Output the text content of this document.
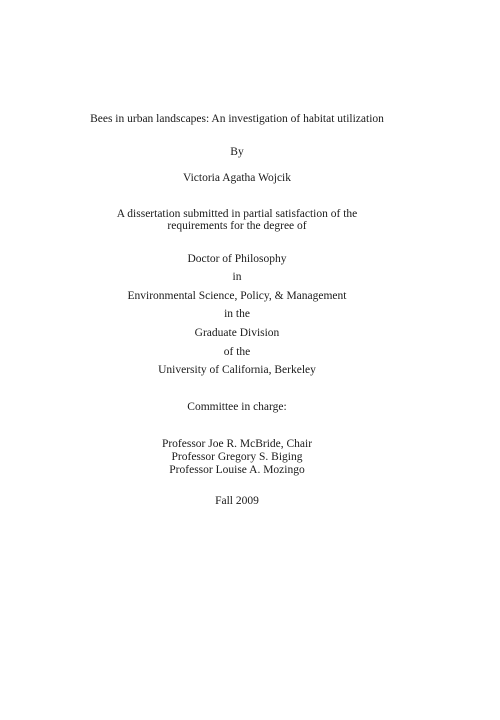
Bees in urban landscapes: An investigation of habitat utilization
By
Victoria Agatha Wojcik
A dissertation submitted in partial satisfaction of the
requirements for the degree of
Doctor of Philosophy
in
Environmental Science, Policy, & Management
in the
Graduate Division
of the
University of California, Berkeley
Committee in charge:
Professor Joe R. McBride, Chair
Professor Gregory S. Biging
Professor Louise A. Mozingo
Fall 2009
